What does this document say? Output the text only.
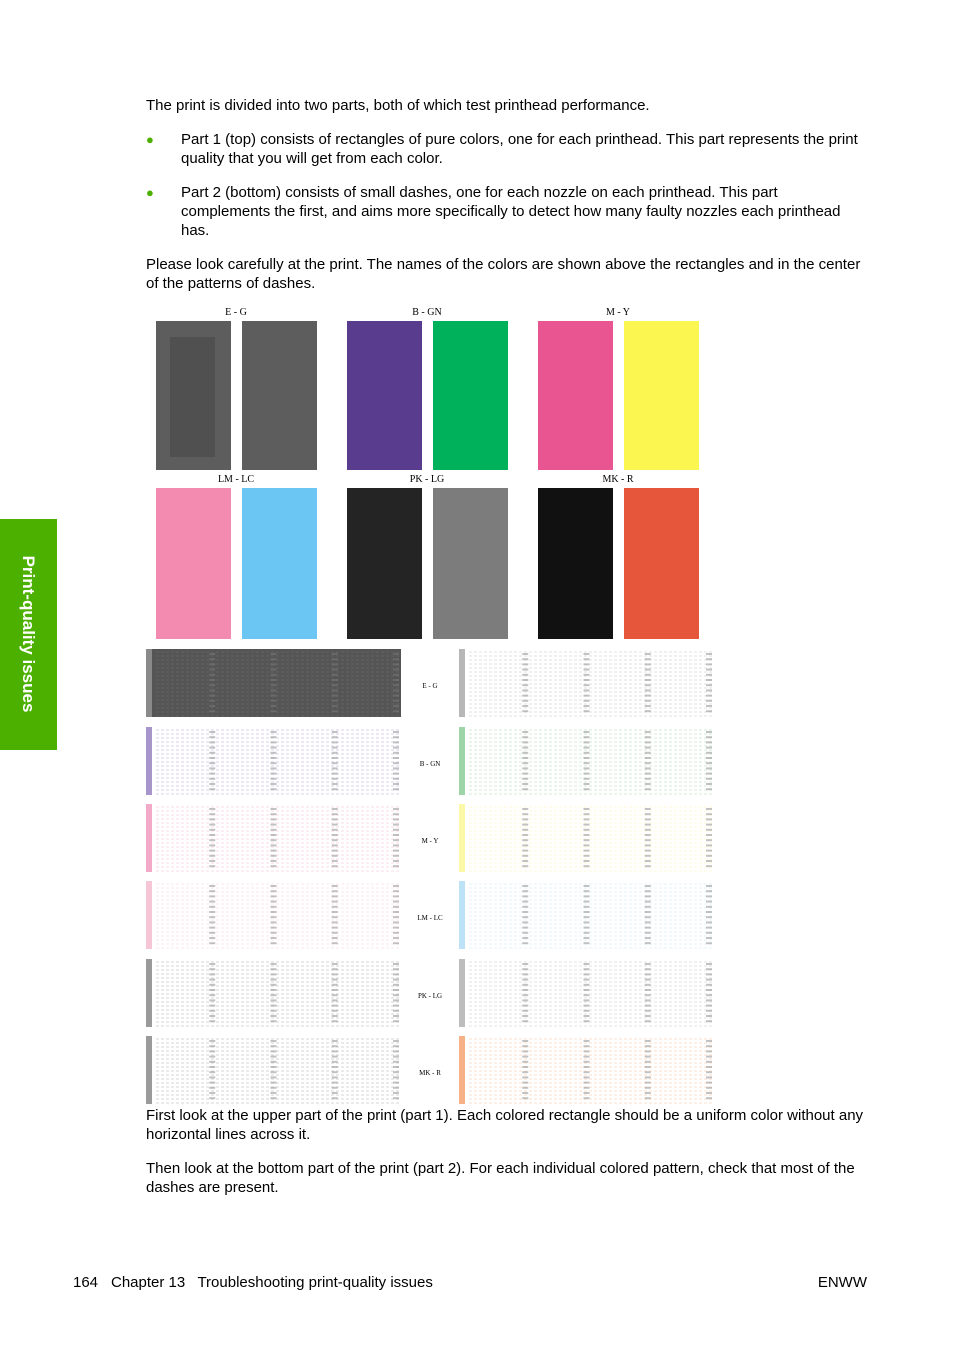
Print-quality issues

The print is divided into two parts, both of which test printhead performance.

● Part 1 (top) consists of rectangles of pure colors, one for each printhead. This part represents the print quality that you will get from each color.
● Part 2 (bottom) consists of small dashes, one for each nozzle on each printhead. This part complements the first, and aims more specifically to detect how many faulty nozzles each printhead has.

Please look carefully at the print. The names of the colors are shown above the rectangles and in the center of the patterns of dashes.

E - G	B - GN	M - Y
LM - LC	PK - LG	MK - R
E - G
B - GN
M - Y
LM - LC
PK - LG
MK - R

First look at the upper part of the print (part 1). Each colored rectangle should be a uniform color without any horizontal lines across it.

Then look at the bottom part of the print (part 2). For each individual colored pattern, check that most of the dashes are present.

164 Chapter 13   Troubleshooting print-quality issues	ENWW
